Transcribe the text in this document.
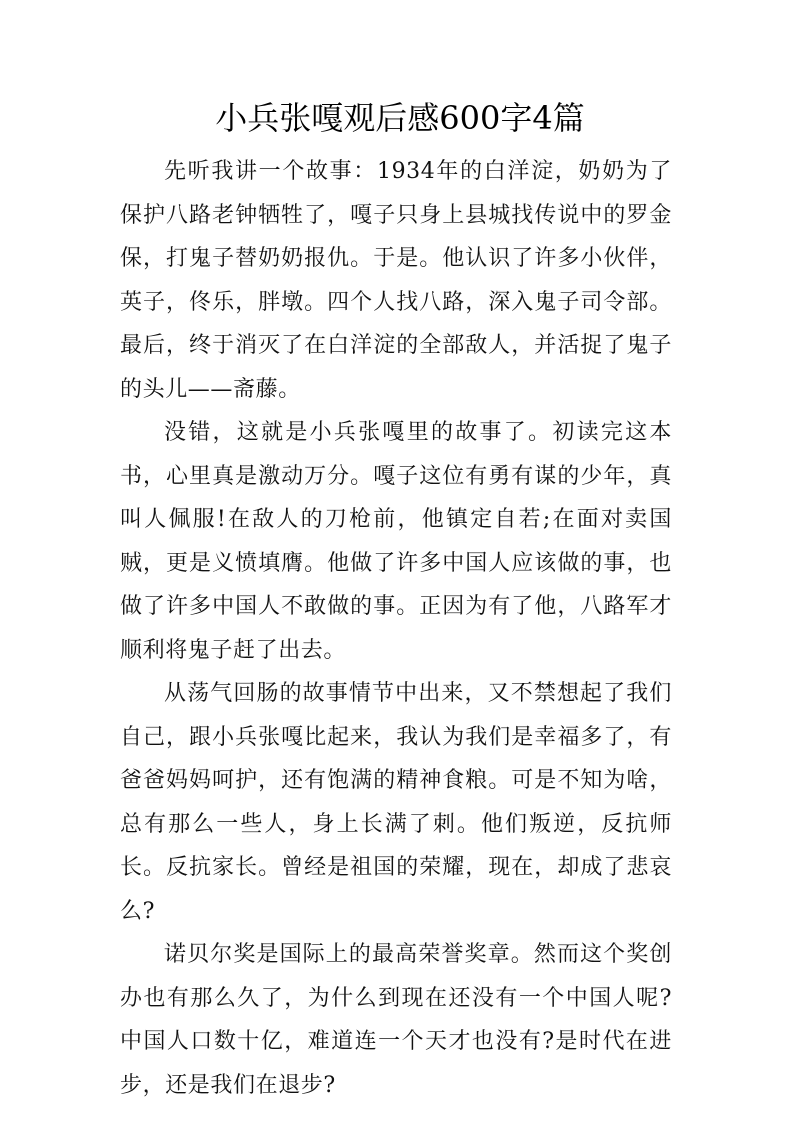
小兵张嘎观后感600字4篇

先听我讲一个故事：1934年的白洋淀，奶奶为了保护八路老钟牺牲了，嘎子只身上县城找传说中的罗金保，打鬼子替奶奶报仇。于是。他认识了许多小伙伴，英子，佟乐，胖墩。四个人找八路，深入鬼子司令部。最后，终于消灭了在白洋淀的全部敌人，并活捉了鬼子的头儿——斋藤。

没错，这就是小兵张嘎里的故事了。初读完这本书，心里真是激动万分。嘎子这位有勇有谋的少年，真叫人佩服!在敌人的刀枪前，他镇定自若;在面对卖国贼，更是义愤填膺。他做了许多中国人应该做的事，也做了许多中国人不敢做的事。正因为有了他，八路军才顺利将鬼子赶了出去。

从荡气回肠的故事情节中出来，又不禁想起了我们自己，跟小兵张嘎比起来，我认为我们是幸福多了，有爸爸妈妈呵护，还有饱满的精神食粮。可是不知为啥，总有那么一些人，身上长满了刺。他们叛逆，反抗师长。反抗家长。曾经是祖国的荣耀，现在，却成了悲哀么?

诺贝尔奖是国际上的最高荣誉奖章。然而这个奖创办也有那么久了，为什么到现在还没有一个中国人呢?中国人口数十亿，难道连一个天才也没有?是时代在进步，还是我们在退步?
